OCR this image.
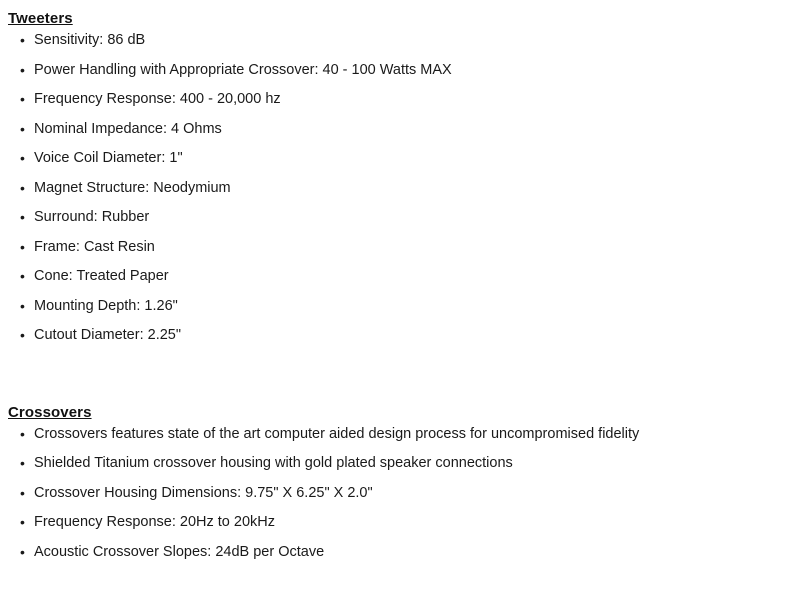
Tweeters
• Sensitivity: 86 dB
• Power Handling with Appropriate Crossover: 40 - 100 Watts MAX
• Frequency Response: 400 - 20,000 hz
• Nominal Impedance: 4 Ohms
• Voice Coil Diameter: 1"
• Magnet Structure: Neodymium
• Surround: Rubber
• Frame: Cast Resin
• Cone: Treated Paper
• Mounting Depth: 1.26"
• Cutout Diameter: 2.25"
Crossovers
• Crossovers features state of the art computer aided design process for uncompromised fidelity
• Shielded Titanium crossover housing with gold plated speaker connections
• Crossover Housing Dimensions: 9.75" X 6.25" X 2.0"
• Frequency Response: 20Hz to 20kHz
• Acoustic Crossover Slopes: 24dB per Octave
